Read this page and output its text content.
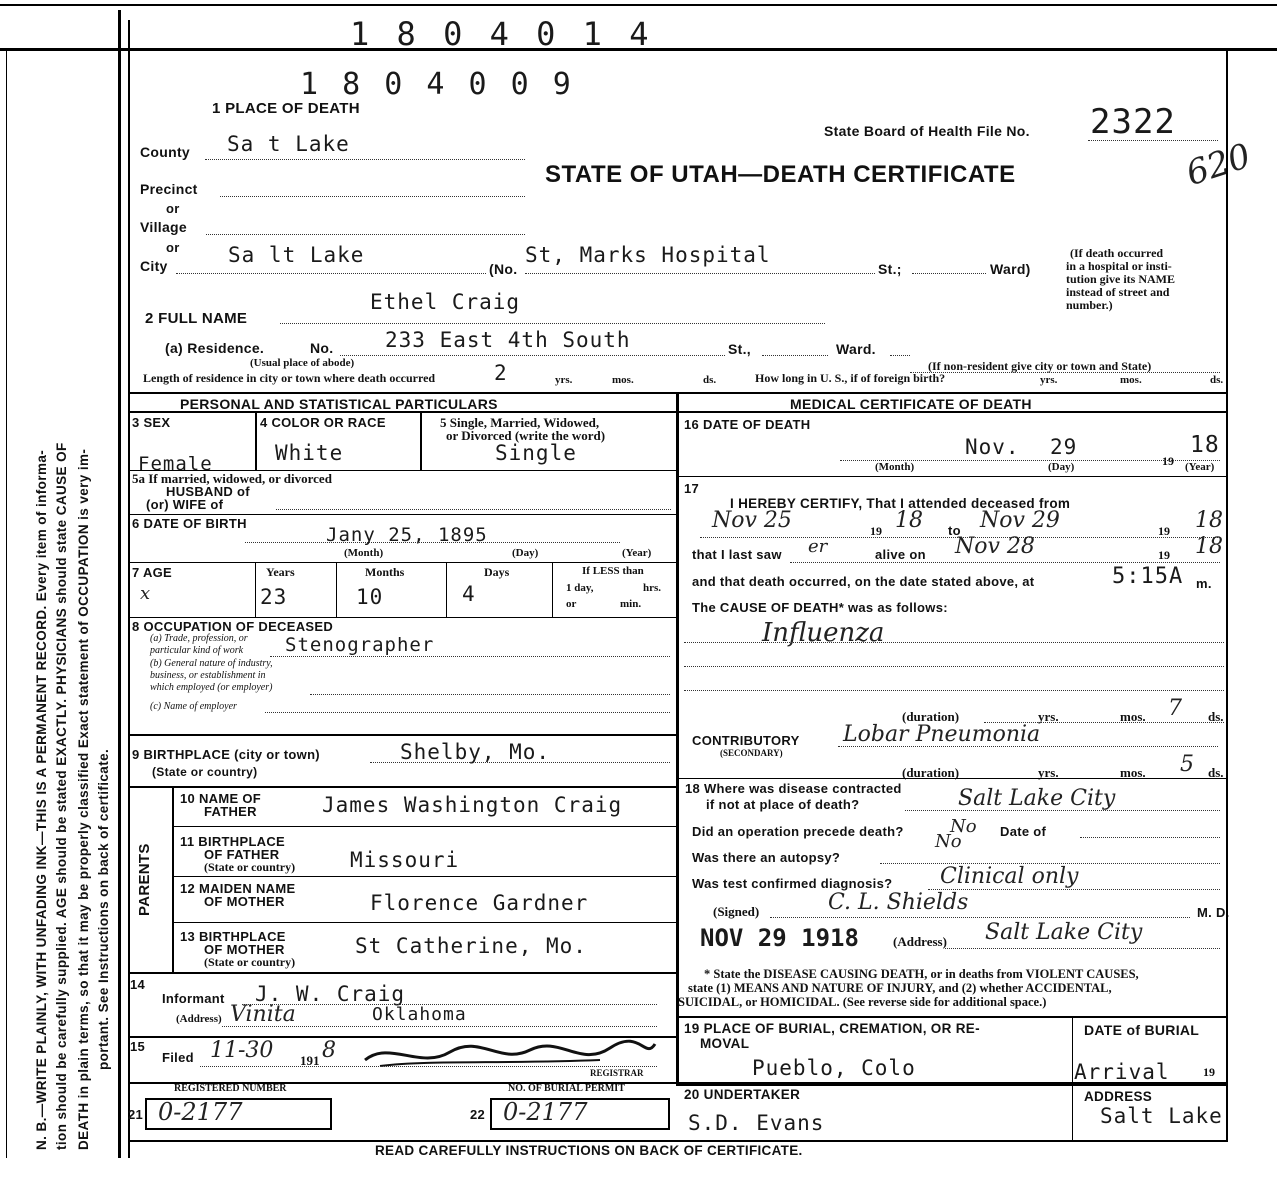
1 8 0 4 0 1 4
N. B.—WRITE PLAINLY, WITH UNFADING INK—THIS IS A PERMANENT RECORD. Every item of informa- tion should be carefully supplied. AGE should be stated EXACTLY. PHYSICIANS should state CAUSE OF DEATH in plain terms, so that it may be properly classified Exact statement of OCCUPATION is very im- portant. See Instructions on back of certificate.
1 8 0 4 0 0 9
1 PLACE OF DEATH
State Board of Health File No. 2322
620
STATE OF UTAH—DEATH CERTIFICATE
County Sa t Lake
Precinct
or
Village
or
City	Sa lt Lake
(No.
St, Marks Hospital
St.;	Ward)
(If death occurred
in a hospital or insti-
tution give its NAME
instead of street and
number.)
2 FULL NAME
Ethel Craig
(a) Residence.	No. 233 East 4th South	St.,	Ward.
(Usual place of abode)	(If non-resident give city or town and State)
Length of residence in city or town where death occurred	2	yrs.	mos.	ds.	How long in U. S., if of foreign birth?	yrs.	mos.	ds.
PERSONAL AND STATISTICAL PARTICULARS	MEDICAL CERTIFICATE OF DEATH
3 SEX
Female
4 COLOR OR RACE
White
5 Single, Married, Widowed,
or Divorced (write the word)
Single
5a If married, widowed, or divorced
HUSBAND of
(or) WIFE of
6 DATE OF BIRTH
Jany 25, 1895
(Month)	(Day)	(Year)
7 AGE
x
Years
23
Months
10
Days
4
If LESS than
1 day,	hrs.
or	min.
8 OCCUPATION OF DECEASED
(a) Trade, profession, or
particular kind of work Stenographer
(b) General nature of industry,
business, or establishment in
which employed (or employer)
(c) Name of employer
9 BIRTHPLACE (city or town)	Shelby, Mo.
(State or country)
PARENTS
10 NAME OF
FATHER	James Washington Craig
11 BIRTHPLACE
OF FATHER
(State or country)	Missouri
12 MAIDEN NAME
OF MOTHER	Florence Gardner
13 BIRTHPLACE
OF MOTHER
(State or country)
St Catherine, Mo.
14
Informant J. W. Craig
(Address) Vinita	Oklahoma
15
Filed 11-30 191 8
REGISTRAR
REGISTERED NUMBER
21 0-2177
NO. OF BURIAL PERMIT
22 0-2177
16 DATE OF DEATH
Nov. 29
19
18
(Month)	(Day)	(Year)
17
I HEREBY CERTIFY, That I attended deceased from
Nov 25	19 18 to Nov 29	19 18
that I last saw er	alive on Nov 28	19 18
and that death occurred, on the date stated above, at	5:15A m.
The CAUSE OF DEATH* was as follows:
Influenza
(duration)	yrs.	mos. 7 ds.
CONTRIBUTORY
(SECONDARY)
Lobar Pneumonia
(duration)	yrs.	mos. 5 ds.
18 Where was disease contracted
if not at place of death?	Salt Lake City
Did an operation precede death?	No Date of
Was there an autopsy?
No
Was test confirmed diagnosis? Clinical only
(Signed)	C. L. Shields	M. D.
NOV 29 1918	(Address) Salt Lake City
* State the DISEASE CAUSING DEATH, or in deaths from VIOLENT CAUSES,
state (1) MEANS AND NATURE OF INJURY, and (2) whether ACCIDENTAL,
SUICIDAL, or HOMICIDAL. (See reverse side for additional space.)
19 PLACE OF BURIAL, CREMATION, OR RE-
MOVAL
Pueblo, Colo
DATE of BURIAL
Arrival	19
20 UNDERTAKER
S.D. Evans
ADDRESS
Salt Lake
READ CAREFULLY INSTRUCTIONS ON BACK OF CERTIFICATE.
